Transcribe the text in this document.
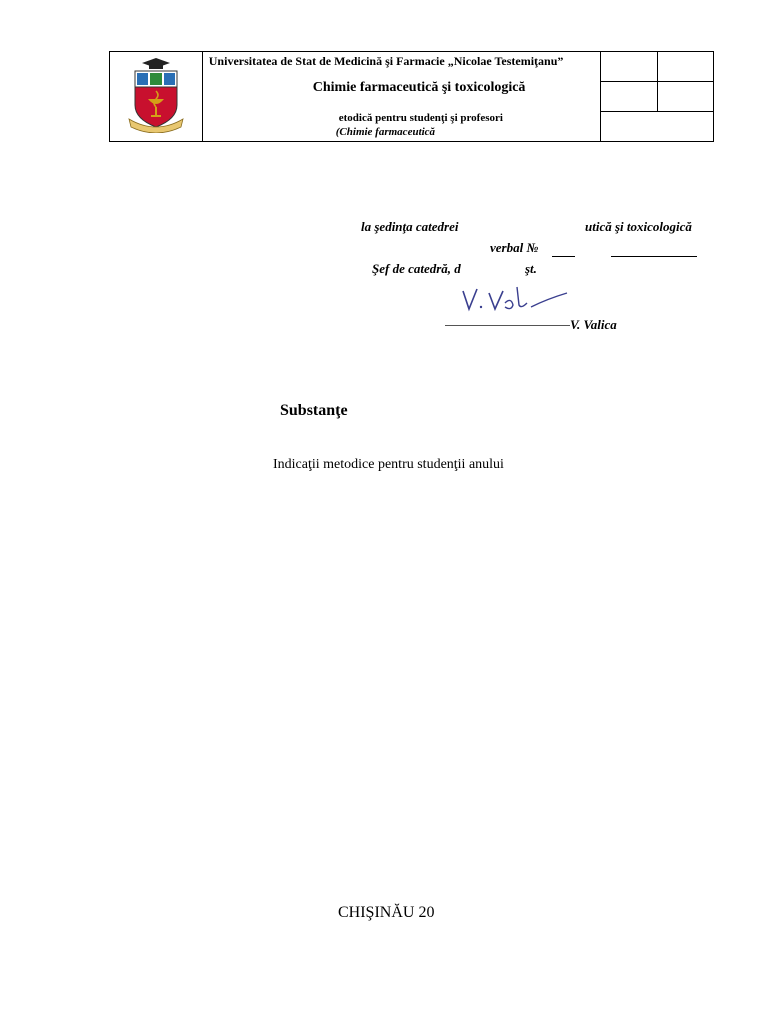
Universitatea de Stat de Medicină şi Farmacie „Nicolae Testemiţanu”
Chimie farmaceutică şi toxicologică
etodică pentru studenţi şi profesori
(Chimie farmaceutică		

la şedinţa catedrei	utică şi toxicologică
verbal №
Şef de catedră, d	şt.
V. Valica
Substanţe
Indicaţii metodice pentru studenţii anului
CHIŞINĂU 20
